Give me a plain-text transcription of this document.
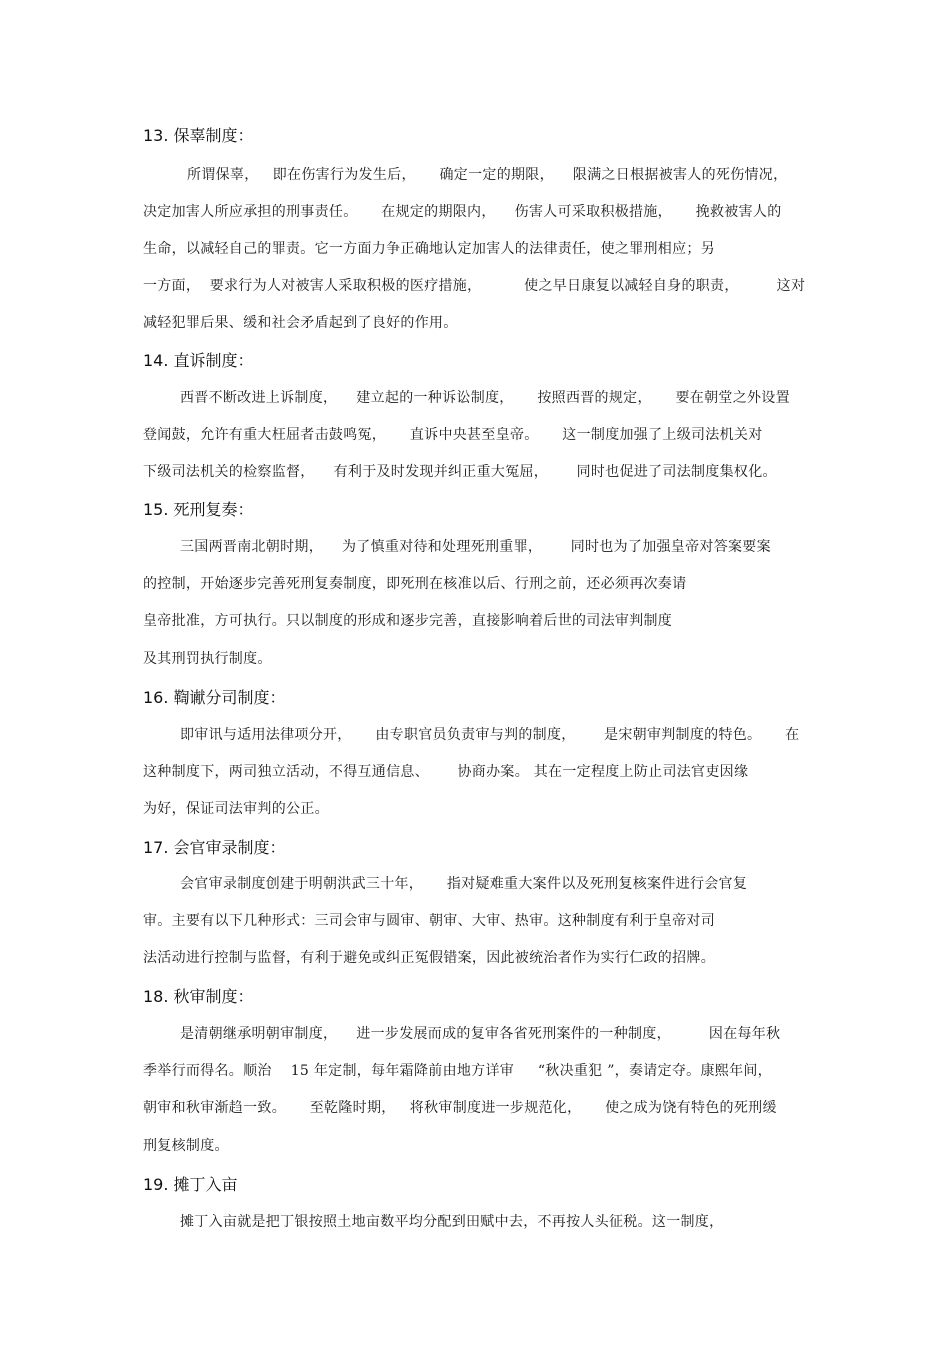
13. 保辜制度：
所谓保辜，   即在伤害行为发生后，     确定一定的期限，    限满之日根据被害人的死伤情况，
决定加害人所应承担的刑事责任。     在规定的期限内，    伤害人可采取积极措施，     挽救被害人的
生命，以减轻自己的罪责。它一方面力争正确地认定加害人的法律责任，使之罪刑相应；另
一方面，  要求行为人对被害人采取积极的医疗措施，         使之早日康复以减轻自身的职责，        这对
减轻犯罪后果、缓和社会矛盾起到了良好的作用。
14. 直诉制度：
西晋不断改进上诉制度，    建立起的一种诉讼制度，     按照西晋的规定，     要在朝堂之外设置
登闻鼓，允许有重大枉屈者击鼓鸣冤，     直诉中央甚至皇帝。     这一制度加强了上级司法机关对
下级司法机关的检察监督，    有利于及时发现并纠正重大冤屈，      同时也促进了司法制度集权化。
15. 死刑复奏：
三国两晋南北朝时期，    为了慎重对待和处理死刑重罪，      同时也为了加强皇帝对答案要案
的控制，开始逐步完善死刑复奏制度，即死刑在核准以后、行刑之前，还必须再次奏请
皇帝批准，方可执行。只以制度的形成和逐步完善，直接影响着后世的司法审判制度
及其刑罚执行制度。
16. 鞫谳分司制度：
即审讯与适用法律项分开，     由专职官员负责审与判的制度，      是宋朝审判制度的特色。     在
这种制度下，两司独立活动，不得互通信息、      协商办案。 其在一定程度上防止司法官吏因缘
为好，保证司法审判的公正。
17. 会官审录制度：
会官审录制度创建于明朝洪武三十年，     指对疑难重大案件以及死刑复核案件进行会官复
审。主要有以下几种形式：三司会审与圆审、朝审、大审、热审。这种制度有利于皇帝对司
法活动进行控制与监督，有利于避免或纠正冤假错案，因此被统治者作为实行仁政的招牌。
18. 秋审制度：
是清朝继承明朝审制度，    进一步发展而成的复审各省死刑案件的一种制度，        因在每年秋
季举行而得名。顺治    15 年定制，每年霜降前由地方详审     “秋决重犯 ”，奏请定夺。康熙年间，
朝审和秋审渐趋一致。     至乾隆时期，   将秋审制度进一步规范化，     使之成为饶有特色的死刑缓
刑复核制度。
19. 摊丁入亩
摊丁入亩就是把丁银按照土地亩数平均分配到田赋中去，不再按人头征税。这一制度，
